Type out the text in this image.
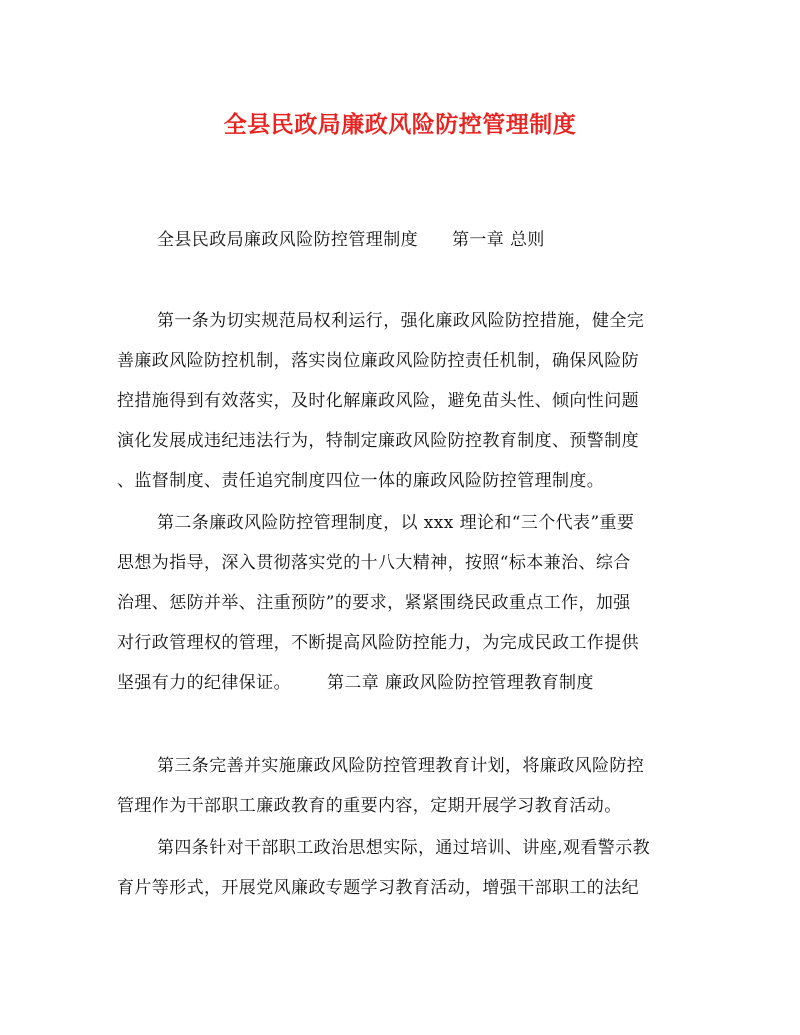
全县民政局廉政风险防控管理制度
全县民政局廉政风险防控管理制度 第一章 总则
第一条为切实规范局权利运行，强化廉政风险防控措施，健全完
善廉政风险防控机制，落实岗位廉政风险防控责任机制，确保风险防
控措施得到有效落实，及时化解廉政风险，避免苗头性、倾向性问题
演化发展成违纪违法行为，特制定廉政风险防控教育制度、预警制度
、监督制度、责任追究制度四位一体的廉政风险防控管理制度。
第二条廉政风险防控管理制度，以 xxx 理论和“三个代表”重要
思想为指导，深入贯彻落实党的十八大精神，按照“标本兼治、综合
治理、惩防并举、注重预防”的要求，紧紧围绕民政重点工作，加强
对行政管理权的管理，不断提高风险防控能力，为完成民政工作提供
坚强有力的纪律保证。 第二章 廉政风险防控管理教育制度
第三条完善并实施廉政风险防控管理教育计划，将廉政风险防控
管理作为干部职工廉政教育的重要内容，定期开展学习教育活动。
第四条针对干部职工政治思想实际，通过培训、讲座,观看警示教
育片等形式，开展党风廉政专题学习教育活动，增强干部职工的法纪
